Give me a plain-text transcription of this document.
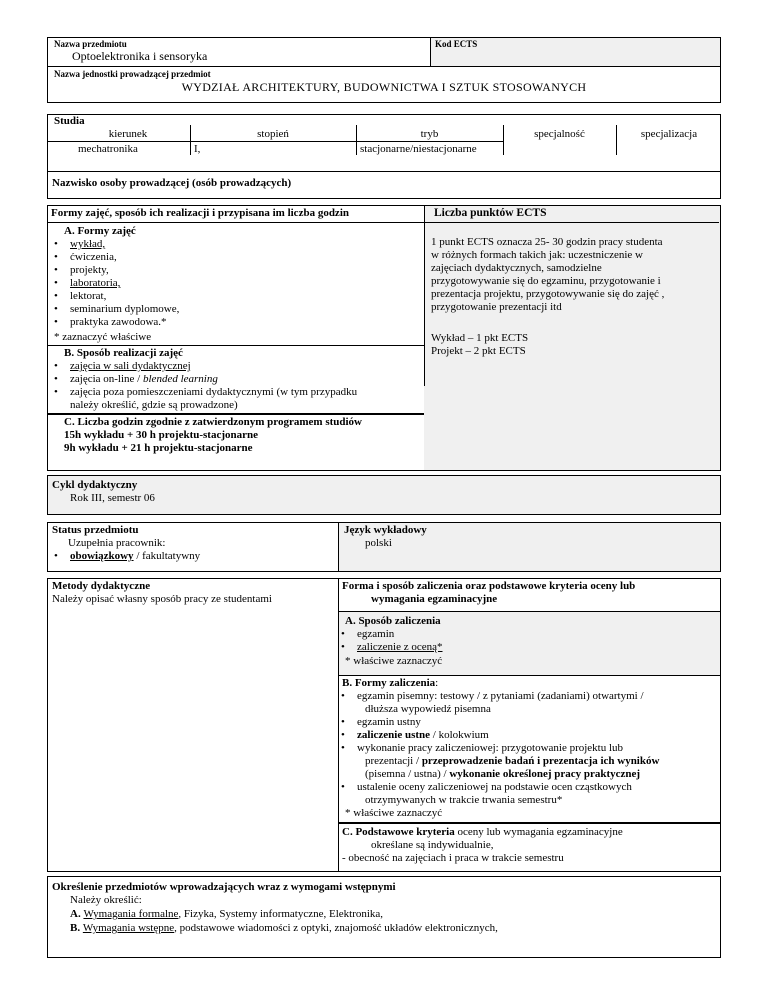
Nazwa przedmiotu
Optoelektronika i sensoryka
Kod ECTS
Nazwa jednostki prowadzącej przedmiot
WYDZIAŁ ARCHITEKTURY, BUDOWNICTWA I SZTUK STOSOWANYCH
Studia
kierunek	stopień	tryb	specjalność	specjalizacja
mechatronika	I,	stacjonarne/niestacjonarne
Nazwisko osoby prowadzącej (osób prowadzących)
Formy zajęć, sposób ich realizacji i przypisana im liczba godzin
A. Formy zajęć
• wykład,
• ćwiczenia,
• projekty,
• laboratoria,
• lektorat,
• seminarium dyplomowe,
• praktyka zawodowa.*
* zaznaczyć właściwe
B. Sposób realizacji zajęć
• zajęcia w sali dydaktycznej
• zajęcia on-line / blended learning
• zajęcia poza pomieszczeniami dydaktycznymi (w tym przypadku
należy określić, gdzie są prowadzone)
C. Liczba godzin zgodnie z zatwierdzonym programem studiów
15h wykładu + 30 h projektu-stacjonarne
9h wykładu + 21 h projektu-stacjonarne
Liczba punktów ECTS
1 punkt ECTS oznacza 25- 30 godzin pracy studenta
w różnych formach takich jak: uczestniczenie w
zajęciach dydaktycznych, samodzielne
przygotowywanie się do egzaminu, przygotowanie i
prezentacja projektu, przygotowywanie się do zajęć ,
przygotowanie prezentacji itd
Wykład – 1 pkt ECTS
Projekt – 2 pkt ECTS
Cykl dydaktyczny
Rok III, semestr 06
Status przedmiotu
Uzupełnia pracownik:
• obowiązkowy / fakultatywny
Język wykładowy
polski
Metody dydaktyczne
Należy opisać własny sposób pracy ze studentami
Forma i sposób zaliczenia oraz podstawowe kryteria oceny lub
wymagania egzaminacyjne
A. Sposób zaliczenia
• egzamin
• zaliczenie z oceną*
* właściwe zaznaczyć
B. Formy zaliczenia:
• egzamin pisemny: testowy / z pytaniami (zadaniami) otwartymi /
dłuższa wypowiedź pisemna
• egzamin ustny
• zaliczenie ustne / kolokwium
• wykonanie pracy zaliczeniowej: przygotowanie projektu lub
prezentacji / przeprowadzenie badań i prezentacja ich wyników
(pisemna / ustna) / wykonanie określonej pracy praktycznej
• ustalenie oceny zaliczeniowej na podstawie ocen cząstkowych
otrzymywanych w trakcie trwania semestru*
* właściwe zaznaczyć
C. Podstawowe kryteria oceny lub wymagania egzaminacyjne
określane są indywidualnie,
- obecność na zajęciach i praca w trakcie semestru
Określenie przedmiotów wprowadzających wraz z wymogami wstępnymi
Należy określić:
A. Wymagania formalne, Fizyka, Systemy informatyczne, Elektronika,
B. Wymagania wstępne, podstawowe wiadomości z optyki, znajomość układów elektronicznych,
